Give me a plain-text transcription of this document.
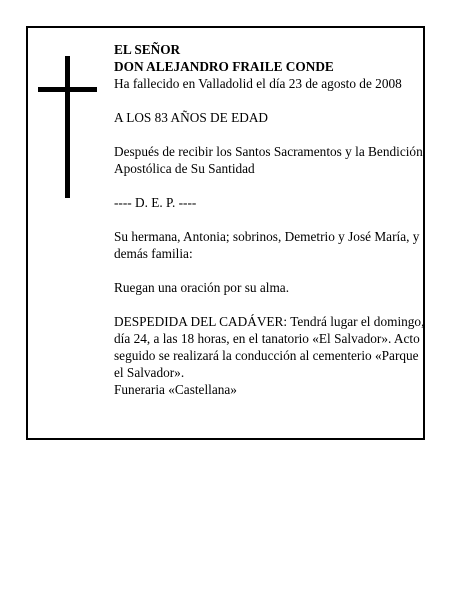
EL SEÑOR

DON ALEJANDRO FRAILE CONDE

Ha fallecido en Valladolid el día 23 de agosto de 2008

A LOS 83 AÑOS DE EDAD

Después de recibir los Santos Sacramentos y la Bendición Apostólica de Su Santidad

---- D. E. P. ----

Su hermana, Antonia; sobrinos, Demetrio y José María, y demás familia:

Ruegan una oración por su alma.

DESPEDIDA DEL CADÁVER: Tendrá lugar el domingo, día 24, a las 18 horas, en el tanatorio «El Salvador». Acto seguido se realizará la conducción al cementerio «Parque el Salvador».

Funeraria «Castellana»
